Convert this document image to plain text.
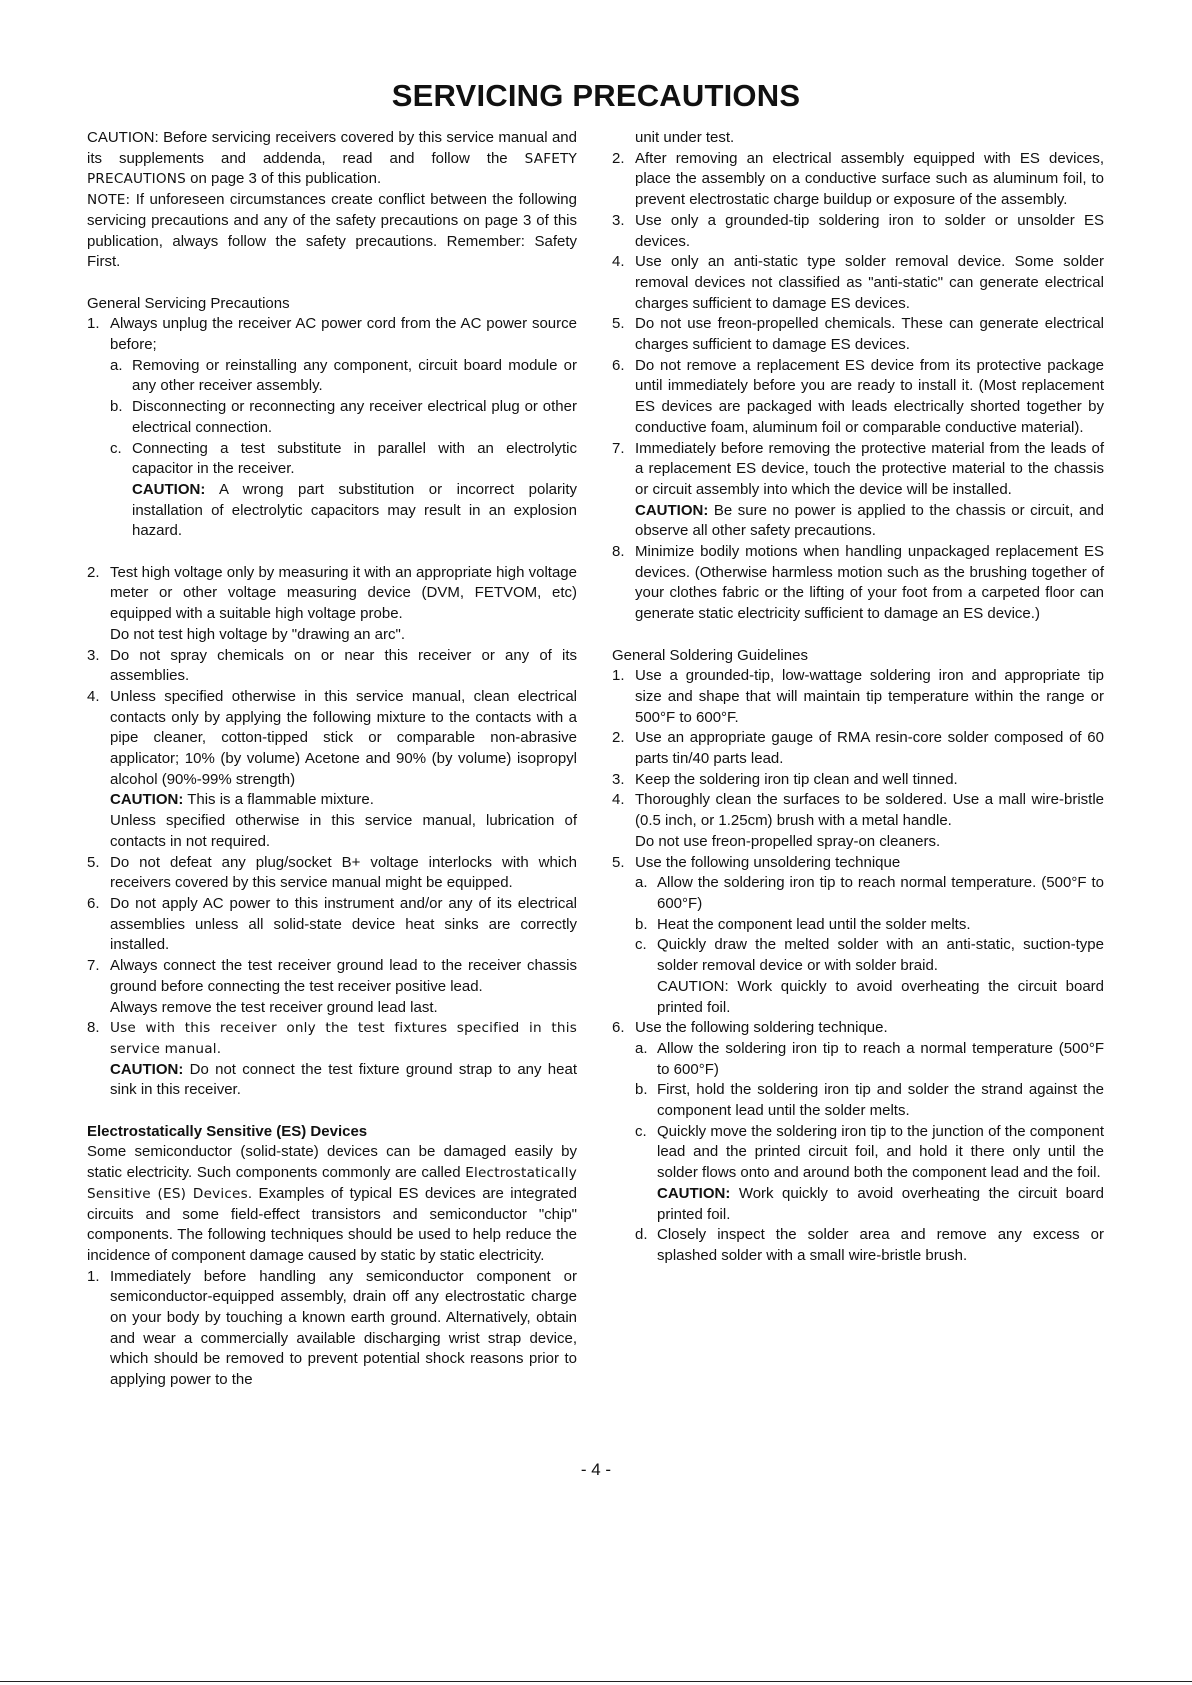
SERVICING PRECAUTIONS

CAUTION: Before servicing receivers covered by this service manual and its supplements and addenda, read and follow the SAFETY PRECAUTIONS on page 3 of this publication.

NOTE: If unforeseen circumstances create conflict between the following servicing precautions and any of the safety precautions on page 3 of this publication, always follow the safety precautions. Remember: Safety First.

General Servicing Precautions

1. Always unplug the receiver AC power cord from the AC power source before;
a. Removing or reinstalling any component, circuit board module or any other receiver assembly.
b. Disconnecting or reconnecting any receiver electrical plug or other electrical connection.
c. Connecting a test substitute in parallel with an electrolytic capacitor in the receiver.

CAUTION: A wrong part substitution or incorrect polarity installation of electrolytic capacitors may result in an explosion hazard.

2. Test high voltage only by measuring it with an appropriate high voltage meter or other voltage measuring device (DVM, FETVOM, etc) equipped with a suitable high voltage probe.

Do not test high voltage by "drawing an arc".

3. Do not spray chemicals on or near this receiver or any of its assemblies.
4. Unless specified otherwise in this service manual, clean electrical contacts only by applying the following mixture to the contacts with a pipe cleaner, cotton-tipped stick or comparable non-abrasive applicator; 10% (by volume) Acetone and 90% (by volume) isopropyl alcohol (90%-99% strength)

CAUTION: This is a flammable mixture.

Unless specified otherwise in this service manual, lubrication of contacts in not required.

5. Do not defeat any plug/socket B+ voltage interlocks with which receivers covered by this service manual might be equipped.
6. Do not apply AC power to this instrument and/or any of its electrical assemblies unless all solid-state device heat sinks are correctly installed.
7. Always connect the test receiver ground lead to the receiver chassis ground before connecting the test receiver positive lead.

Always remove the test receiver ground lead last.

8. Use with this receiver only the test fixtures specified in this service manual.

CAUTION: Do not connect the test fixture ground strap to any heat sink in this receiver.

Electrostatically Sensitive (ES) Devices

Some semiconductor (solid-state) devices can be damaged easily by static electricity. Such components commonly are called Electrostatically Sensitive (ES) Devices. Examples of typical ES devices are integrated circuits and some field-effect transistors and semiconductor "chip" components. The following techniques should be used to help reduce the incidence of component damage caused by static by static electricity.

1. Immediately before handling any semiconductor component or semiconductor-equipped assembly, drain off any electrostatic charge on your body by touching a known earth ground. Alternatively, obtain and wear a commercially available discharging wrist strap device, which should be removed to prevent potential shock reasons prior to applying power to the

unit under test.

2. After removing an electrical assembly equipped with ES devices, place the assembly on a conductive surface such as aluminum foil, to prevent electrostatic charge buildup or exposure of the assembly.
3. Use only a grounded-tip soldering iron to solder or unsolder ES devices.
4. Use only an anti-static type solder removal device. Some solder removal devices not classified as "anti-static" can generate electrical charges sufficient to damage ES devices.
5. Do not use freon-propelled chemicals. These can generate electrical charges sufficient to damage ES devices.
6. Do not remove a replacement ES device from its protective package until immediately before you are ready to install it. (Most replacement ES devices are packaged with leads electrically shorted together by conductive foam, aluminum foil or comparable conductive material).
7. Immediately before removing the protective material from the leads of a replacement ES device, touch the protective material to the chassis or circuit assembly into which the device will be installed.

CAUTION: Be sure no power is applied to the chassis or circuit, and observe all other safety precautions.

8. Minimize bodily motions when handling unpackaged replacement ES devices. (Otherwise harmless motion such as the brushing together of your clothes fabric or the lifting of your foot from a carpeted floor can generate static electricity sufficient to damage an ES device.)

General Soldering Guidelines

1. Use a grounded-tip, low-wattage soldering iron and appropriate tip size and shape that will maintain tip temperature within the range or 500°F to 600°F.
2. Use an appropriate gauge of RMA resin-core solder composed of 60 parts tin/40 parts lead.
3. Keep the soldering iron tip clean and well tinned.
4. Thoroughly clean the surfaces to be soldered. Use a mall wire-bristle (0.5 inch, or 1.25cm) brush with a metal handle.

Do not use freon-propelled spray-on cleaners.

5. Use the following unsoldering technique
a. Allow the soldering iron tip to reach normal temperature. (500°F to 600°F)
b. Heat the component lead until the solder melts.
c. Quickly draw the melted solder with an anti-static, suction-type solder removal device or with solder braid.

CAUTION: Work quickly to avoid overheating the circuit board printed foil.

6. Use the following soldering technique.
a. Allow the soldering iron tip to reach a normal temperature (500°F to 600°F)
b. First, hold the soldering iron tip and solder the strand against the component lead until the solder melts.
c. Quickly move the soldering iron tip to the junction of the component lead and the printed circuit foil, and hold it there only until the solder flows onto and around both the component lead and the foil.

CAUTION: Work quickly to avoid overheating the circuit board printed foil.

d. Closely inspect the solder area and remove any excess or splashed solder with a small wire-bristle brush.
- 4 -
